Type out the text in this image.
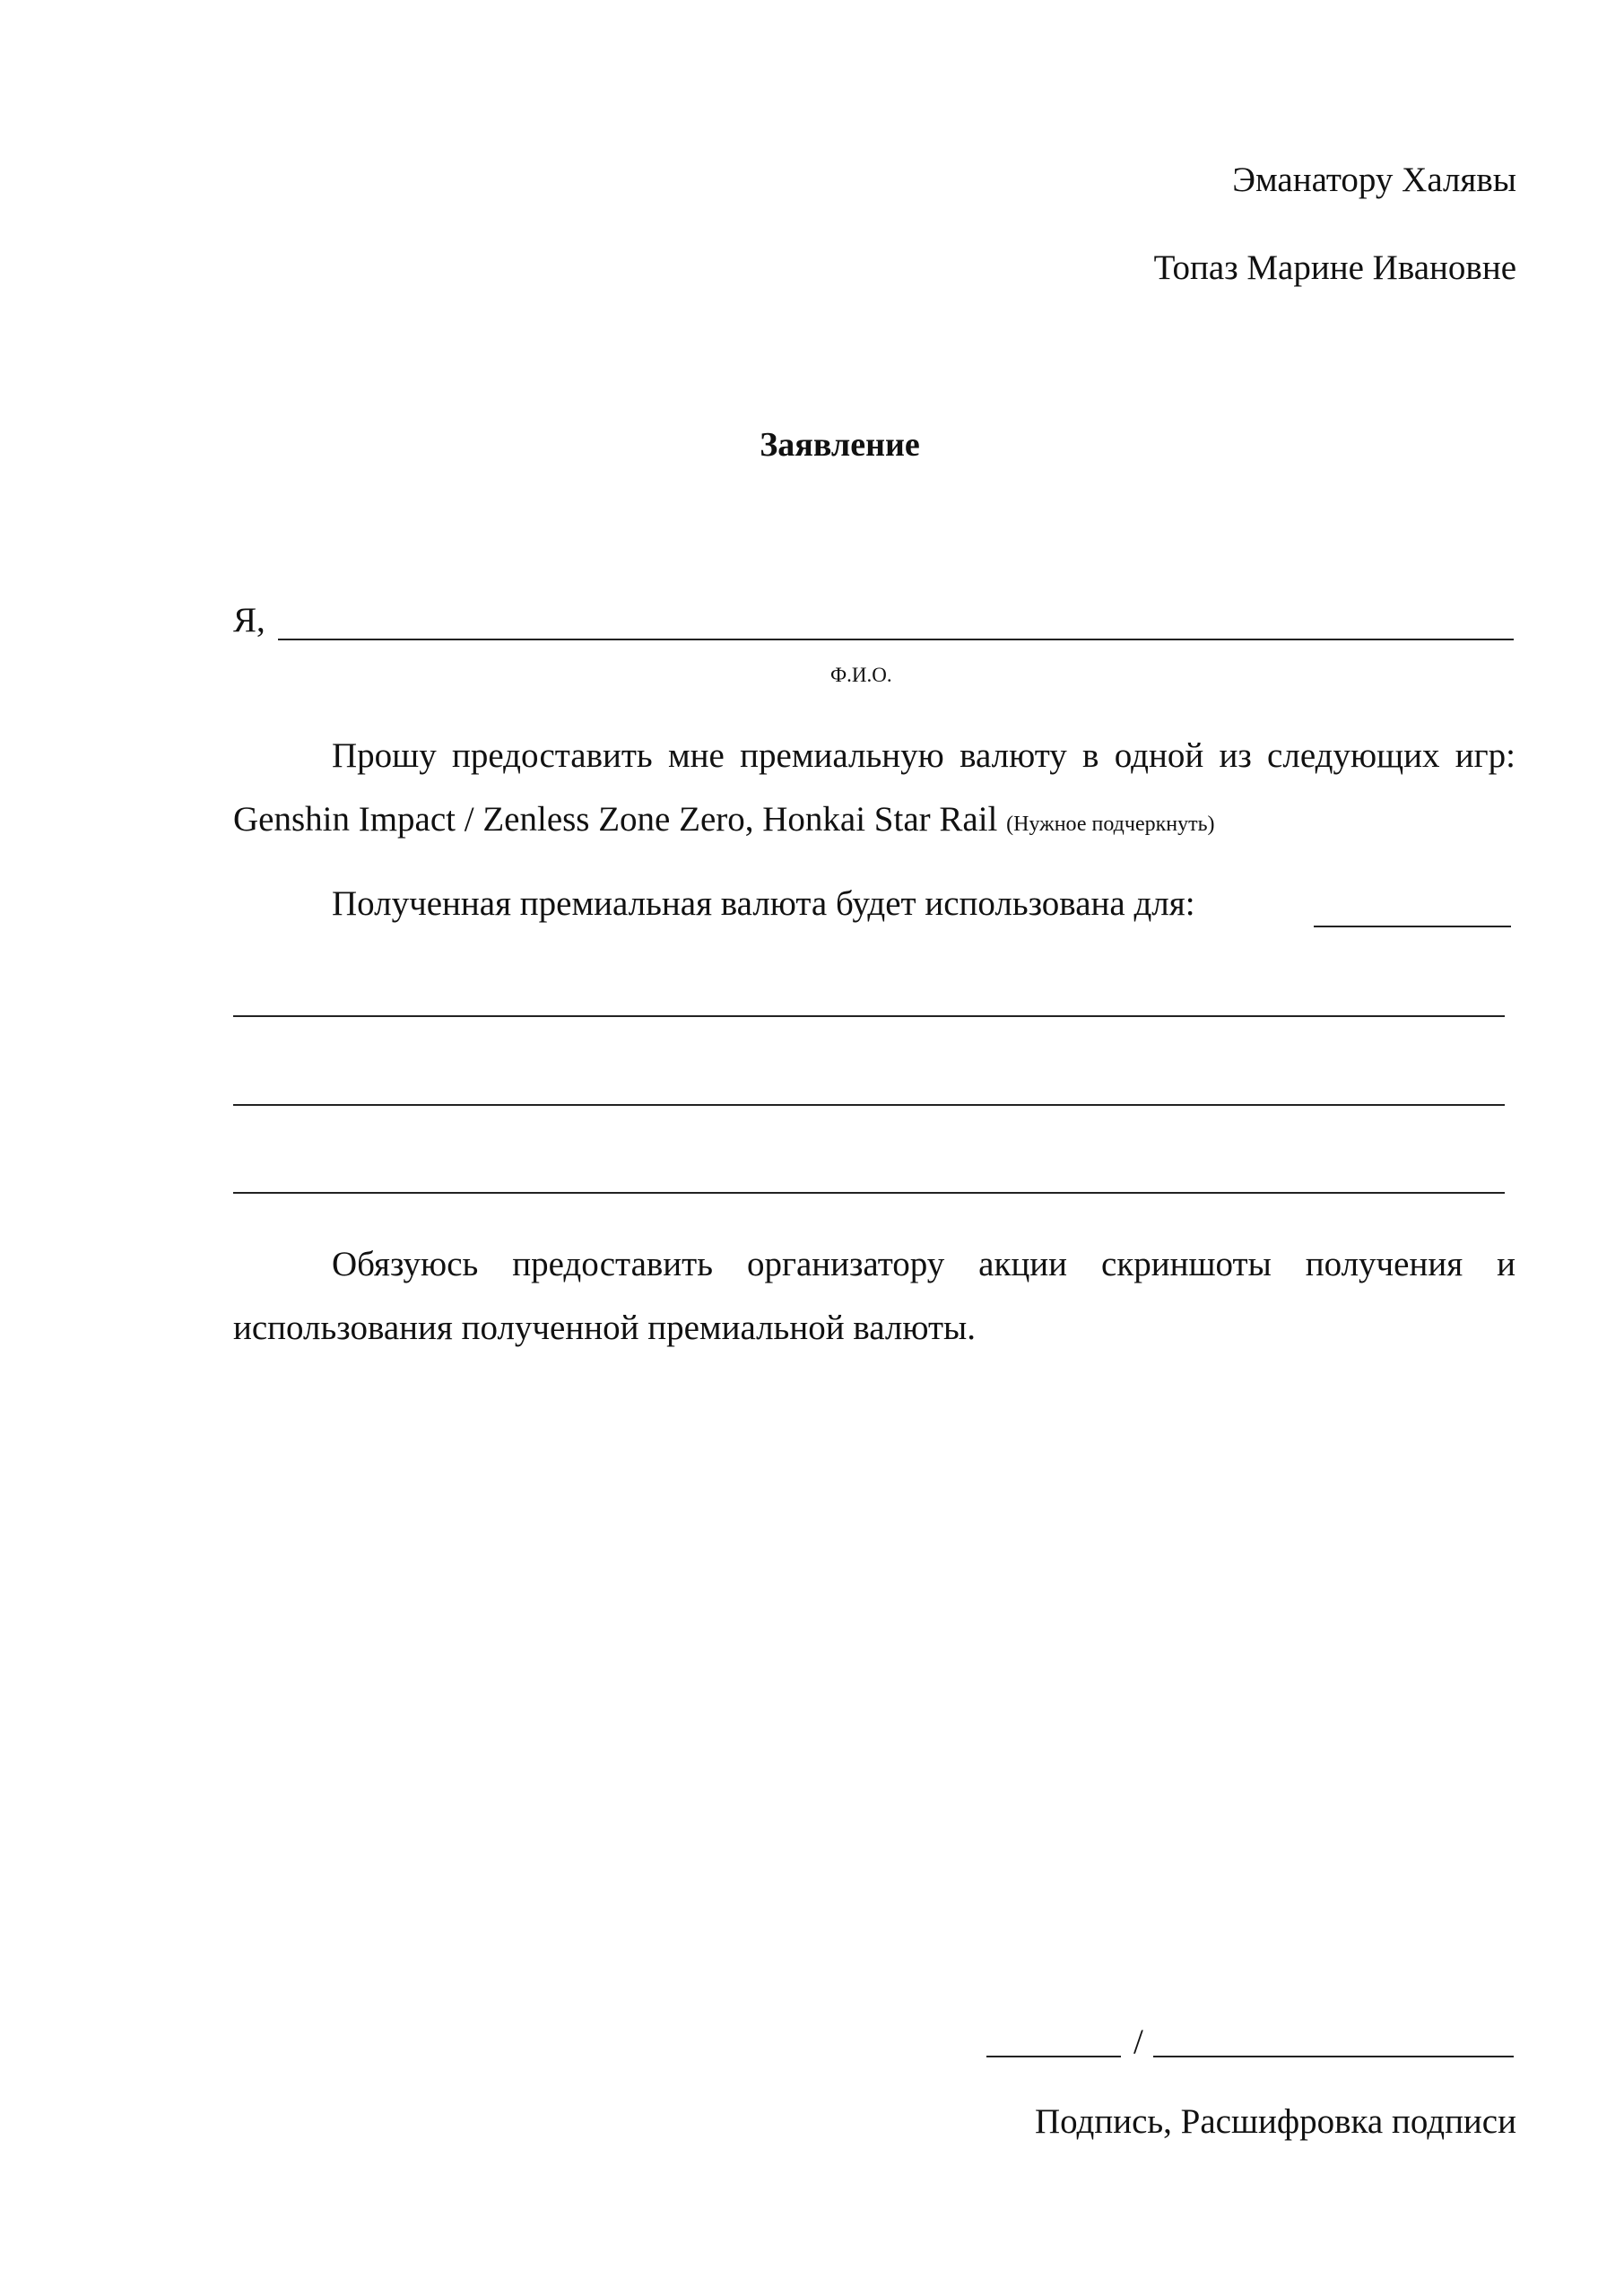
Эманатору Халявы
Топаз Марине Ивановне
Заявление
Я,
Ф.И.О.

Прошу предоставить мне премиальную валюту в одной из следующих игр: Genshin Impact / Zenless Zone Zero, Honkai Star Rail (Нужное подчеркнуть)

Полученная премиальная валюта будет использована для:

Обязуюсь предоставить организатору акции скриншоты получения и использования полученной премиальной валюты.

/
Подпись, Расшифровка подписи
